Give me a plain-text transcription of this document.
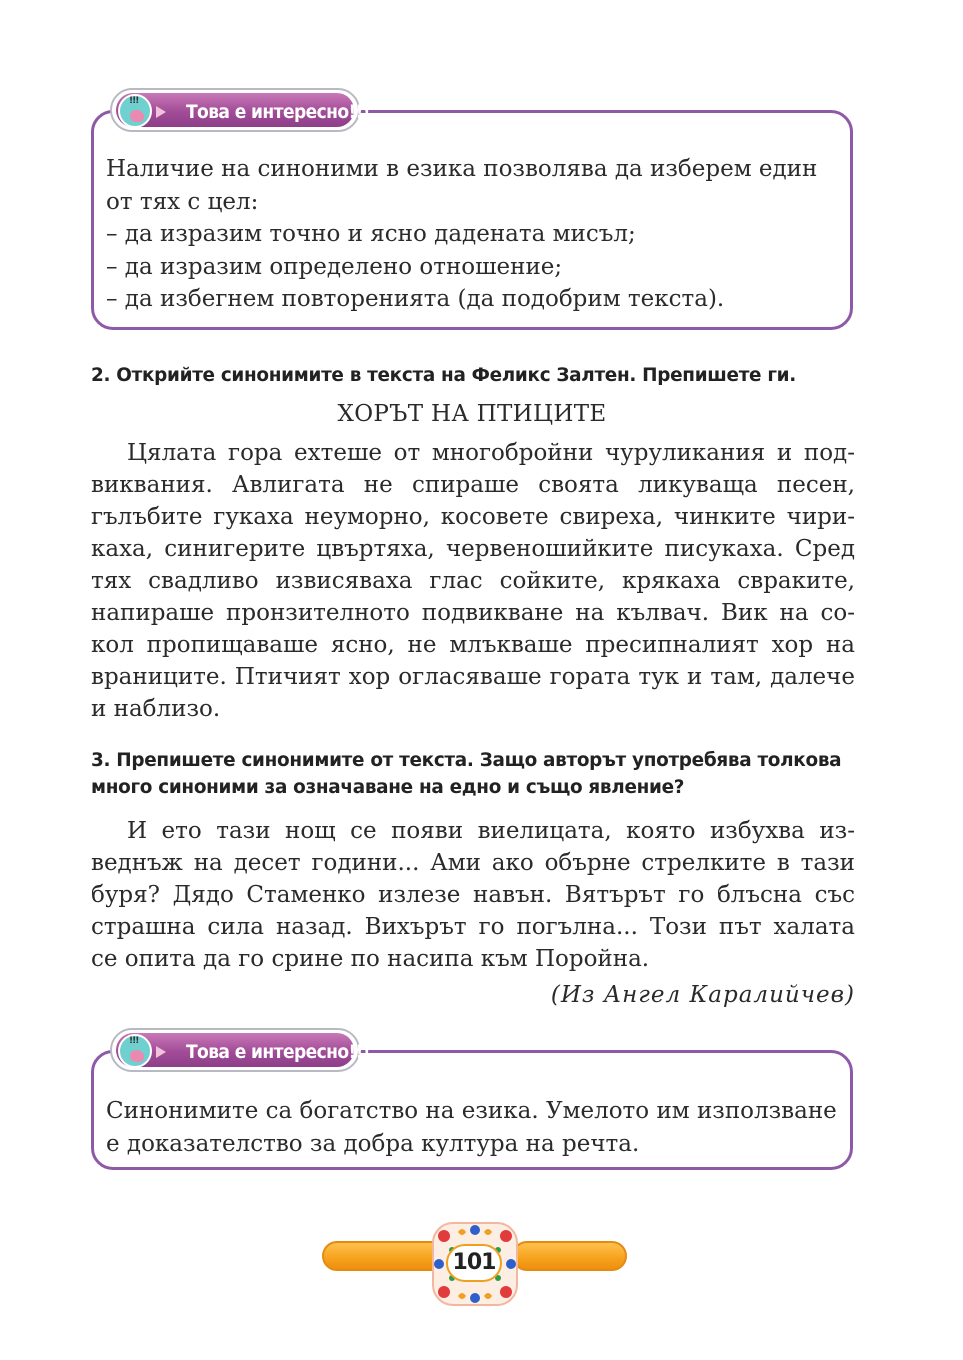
Наличие на синоними в езика позволява да изберем един
от тях с цел:
– да изразим точно и ясно дадената мисъл;
– да изразим определено отношение;
– да избегнем повторенията (да подобрим текста).
!!!	Това е интересно!!!
2. Открийте синонимите в текста на Феликс Залтен. Препишете ги.
ХОРЪТ НА ПТИЦИТЕ
Цялата гора ехтеше от многобройни чуруликания и под-
виквания. Авлигата не спираше своята ликуваща песен,
гълъбите гукаха неуморно, косовете свиреха, чинките чири-
каха, синигерите цвъртяха, червеношийките писукаха. Сред
тях свадливо извисяваха глас сойките, крякаха свраките,
напираше пронзителното подвикване на кълвач. Вик на со-
кол пропищаваше ясно, не млъкваше пресипналият хор на
враниците. Птичият хор огласяваше гората тук и там, далече
и наблизо.
3. Препишете синонимите от текста. Защо авторът употребява толкова
много синоними за означаване на едно и също явление?
И ето тази нощ се появи виелицата, която избухва из-
веднъж на десет години... Ами ако обърне стрелките в тази
буря? Дядо Стаменко излезе навън. Вятърът го блъсна със
страшна сила назад. Вихърът го погълна... Този път халата
се опита да го срине по насипа към Поройна.
(Из Ангел Каралийчев)
Синонимите са богатство на езика. Умелото им използване
е доказателство за добра култура на речта.
!!!	Това е интересно!!!
101
